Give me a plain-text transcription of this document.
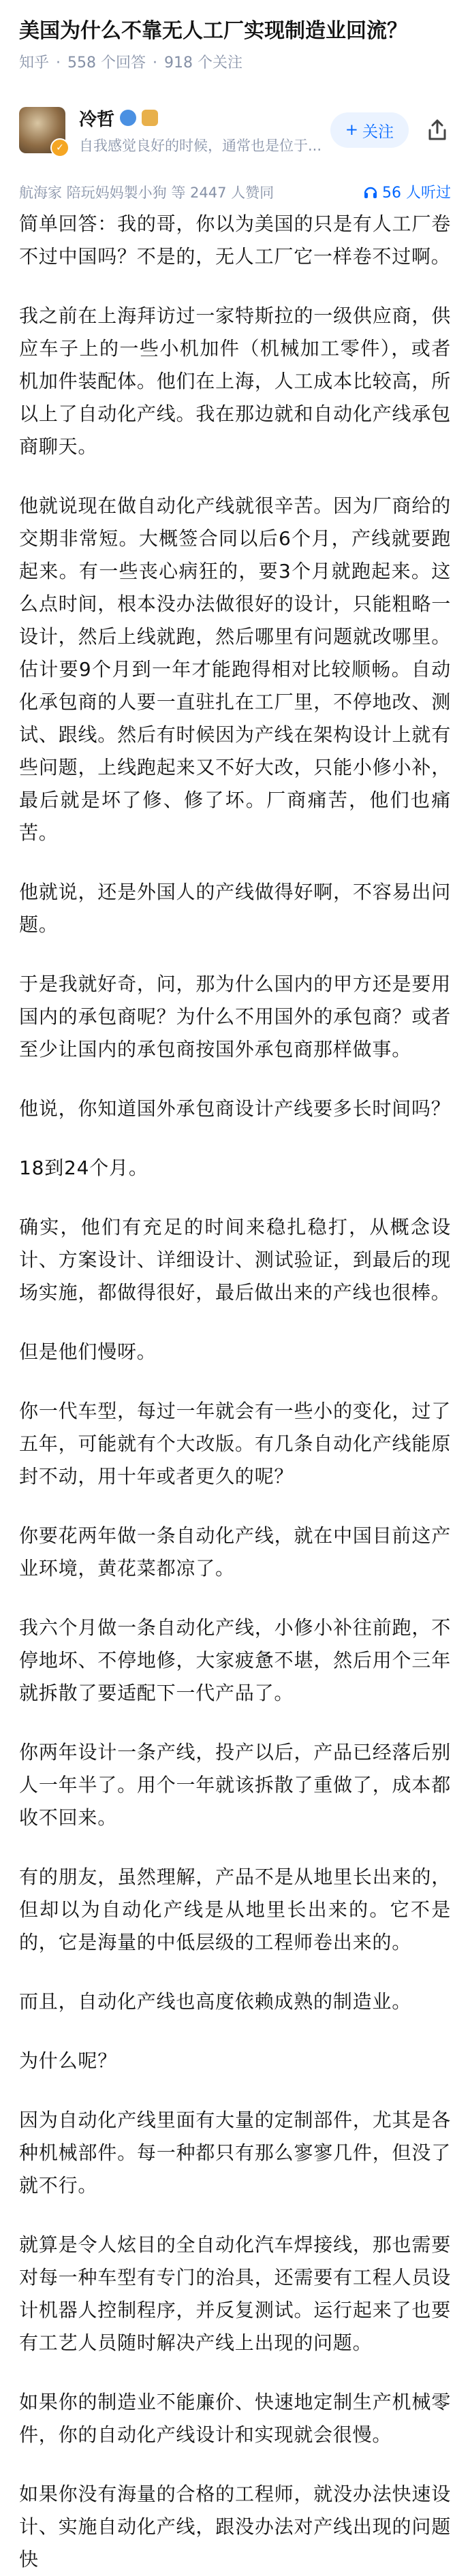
美国为什么不靠无人工厂实现制造业回流？
知乎 · 558 个回答 · 918 个关注
✓
冷哲
自我感觉良好的时候，通常也是位于...
+ 关注
航海家 陪玩妈妈製小狗 等 2447 人赞同	56 人听过

简单回答：我的哥，你以为美国的只是有人工厂卷不过中国吗？不是的，无人工厂它一样卷不过啊。

我之前在上海拜访过一家特斯拉的一级供应商，供应车子上的一些小机加件（机械加工零件），或者机加件装配体。他们在上海，人工成本比较高，所以上了自动化产线。我在那边就和自动化产线承包商聊天。

他就说现在做自动化产线就很辛苦。因为厂商给的交期非常短。大概签合同以后6个月，产线就要跑起来。有一些丧心病狂的，要3个月就跑起来。这么点时间，根本没办法做很好的设计，只能粗略一设计，然后上线就跑，然后哪里有问题就改哪里。估计要9个月到一年才能跑得相对比较顺畅。自动化承包商的人要一直驻扎在工厂里，不停地改、测试、跟线。然后有时候因为产线在架构设计上就有些问题，上线跑起来又不好大改，只能小修小补，最后就是坏了修、修了坏。厂商痛苦，他们也痛苦。

他就说，还是外国人的产线做得好啊，不容易出问题。

于是我就好奇，问，那为什么国内的甲方还是要用国内的承包商呢？为什么不用国外的承包商？或者至少让国内的承包商按国外承包商那样做事。

他说，你知道国外承包商设计产线要多长时间吗？

18到24个月。

确实，他们有充足的时间来稳扎稳打，从概念设计、方案设计、详细设计、测试验证，到最后的现场实施，都做得很好，最后做出来的产线也很棒。

但是他们慢呀。

你一代车型，每过一年就会有一些小的变化，过了五年，可能就有个大改版。有几条自动化产线能原封不动，用十年或者更久的呢？

你要花两年做一条自动化产线，就在中国目前这产业环境，黄花菜都凉了。

我六个月做一条自动化产线，小修小补往前跑，不停地坏、不停地修，大家疲惫不堪，然后用个三年就拆散了要适配下一代产品了。

你两年设计一条产线，投产以后，产品已经落后别人一年半了。用个一年就该拆散了重做了，成本都收不回来。

有的朋友，虽然理解，产品不是从地里长出来的，但却以为自动化产线是从地里长出来的。它不是的，它是海量的中低层级的工程师卷出来的。

而且，自动化产线也高度依赖成熟的制造业。

为什么呢？

因为自动化产线里面有大量的定制部件，尤其是各种机械部件。每一种都只有那么寥寥几件，但没了就不行。

就算是令人炫目的全自动化汽车焊接线，那也需要对每一种车型有专门的治具，还需要有工程人员设计机器人控制程序，并反复测试。运行起来了也要有工艺人员随时解决产线上出现的问题。

如果你的制造业不能廉价、快速地定制生产机械零件，你的自动化产线设计和实现就会很慢。

如果你没有海量的合格的工程师，就没办法快速设计、实施自动化产线，跟没办法对产线出现的问题快
